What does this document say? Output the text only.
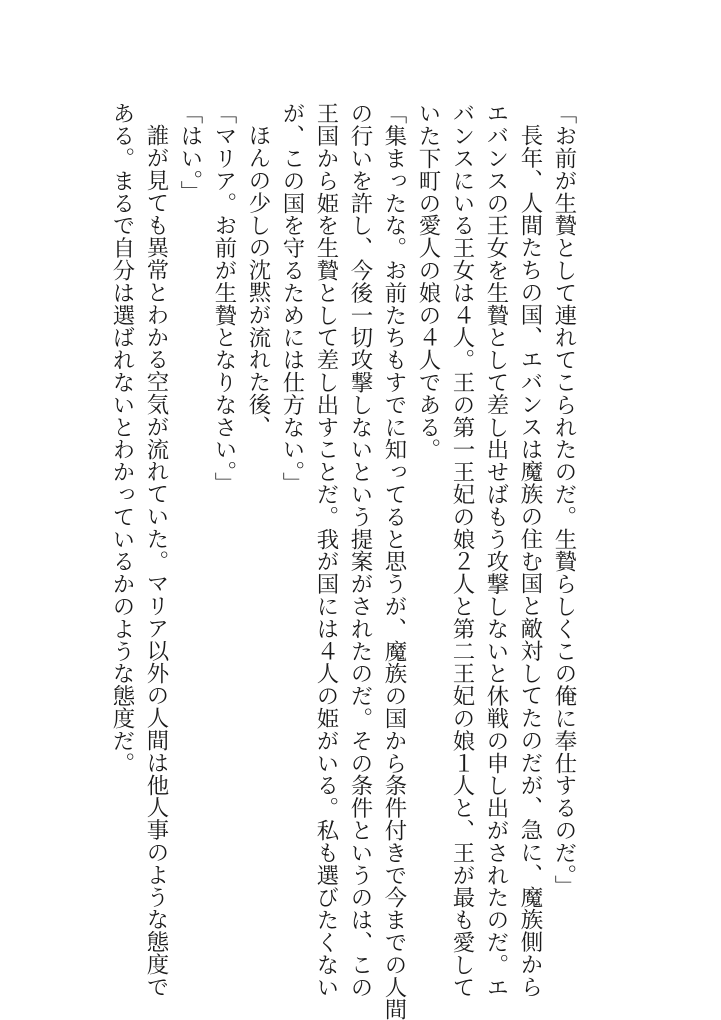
「お前が生贄として連れてこられたのだ。生贄らしくこの俺に奉仕するのだ。」

長年、人間たちの国、エバンスは魔族の住む国と敵対してたのだが、急に、魔族側から

エバンスの王女を生贄として差し出せばもう攻撃しないと休戦の申し出がされたのだ。エ

バンスにいる王女は４人。王の第一王妃の娘２人と第二王妃の娘１人と、王が最も愛して

いた下町の愛人の娘の４人である。

「集まったな。お前たちもすでに知ってると思うが、魔族の国から条件付きで今までの人間

の行いを許し、今後一切攻撃しないという提案がされたのだ。その条件というのは、この

王国から姫を生贄として差し出すことだ。我が国には４人の姫がいる。私も選びたくない

が、この国を守るためには仕方ない。」

ほんの少しの沈黙が流れた後、

「マリア。お前が生贄となりなさい。」

「はい。」

誰が見ても異常とわかる空気が流れていた。マリア以外の人間は他人事のような態度で

ある。まるで自分は選ばれないとわかっているかのような態度だ。
